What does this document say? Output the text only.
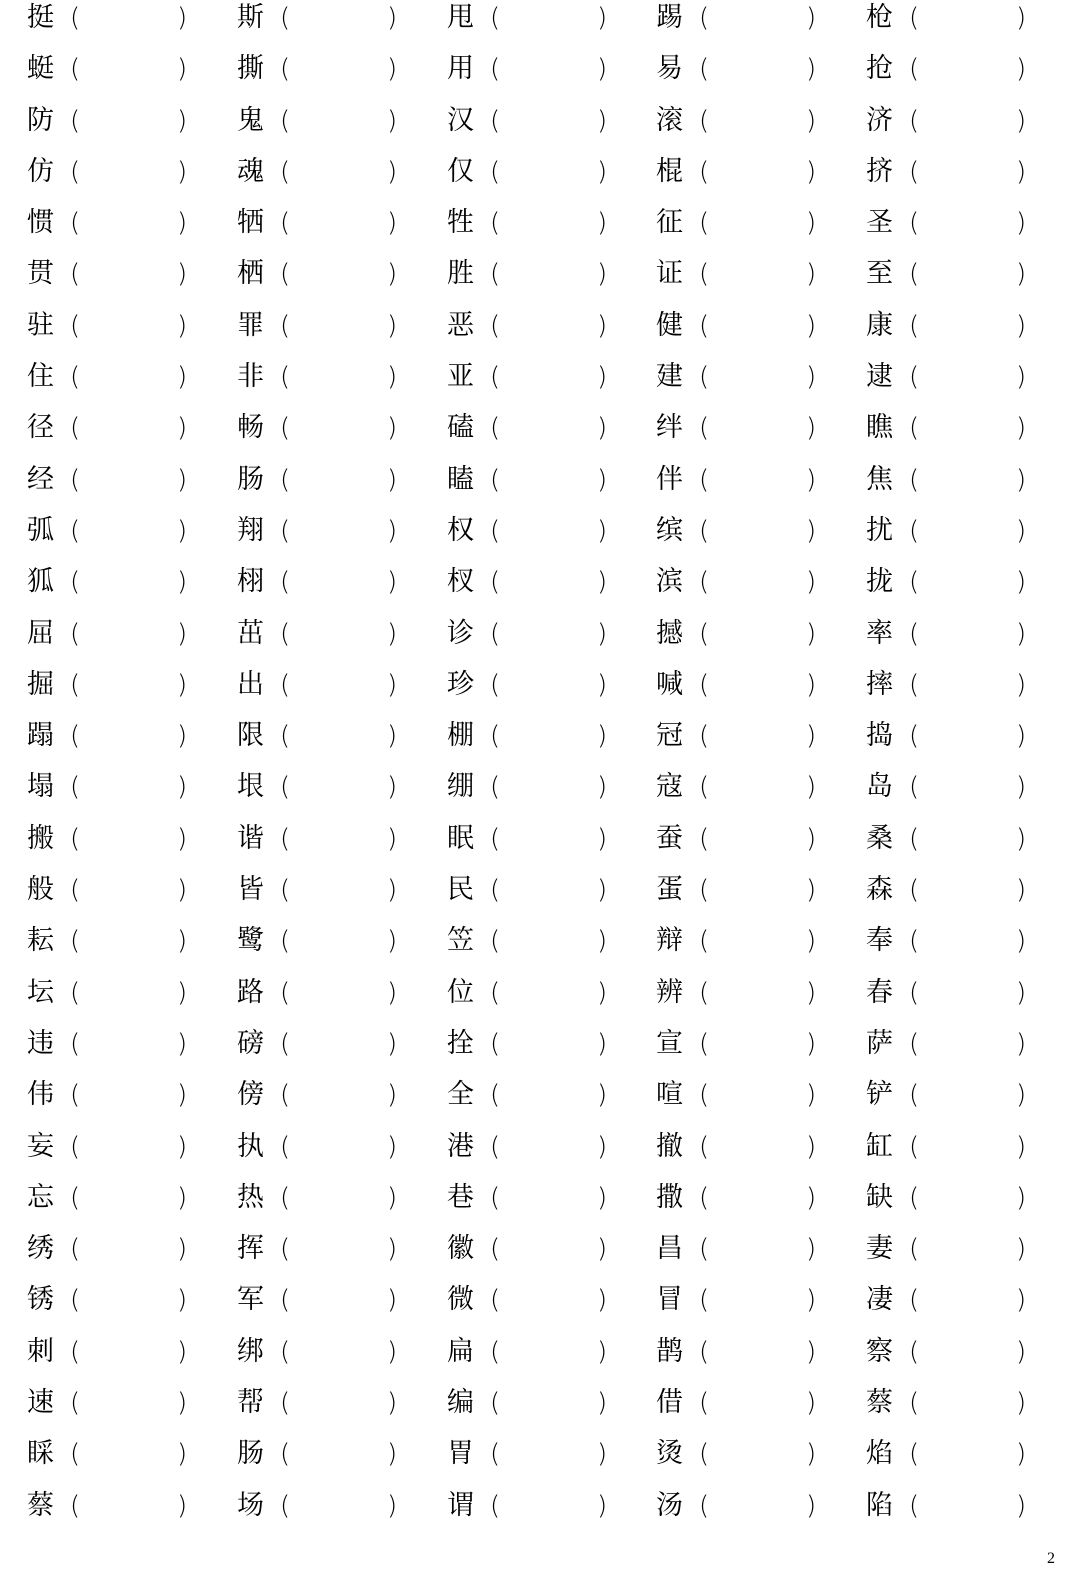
挺 (	) 斯 (	) 甩 (	) 踢 (	) 枪 (	)
蜓 (	) 撕 (	) 用 (	) 易 (	) 抢 (	)
防 (	) 鬼 (	) 汉 (	) 滚 (	) 济 (	)
仿 (	) 魂 (	) 仅 (	) 棍 (	) 挤 (	)
惯 (	) 牺 (	) 牲 (	) 征 (	) 圣 (	)
贯 (	) 栖 (	) 胜 (	) 证 (	) 至 (	)
驻 (	) 罪 (	) 恶 (	) 健 (	) 康 (	)
住 (	) 非 (	) 亚 (	) 建 (	) 逮 (	)
径 (	) 畅 (	) 磕 (	) 绊 (	) 瞧 (	)
经 (	) 肠 (	) 瞌 (	) 伴 (	) 焦 (	)
弧 (	) 翔 (	) 权 (	) 缤 (	) 扰 (	)
狐 (	) 栩 (	) 杈 (	) 滨 (	) 拢 (	)
屈 (	) 茁 (	) 诊 (	) 撼 (	) 率 (	)
掘 (	) 出 (	) 珍 (	) 喊 (	) 摔 (	)
蹋 (	) 限 (	) 棚 (	) 冠 (	) 捣 (	)
塌 (	) 垠 (	) 绷 (	) 寇 (	) 岛 (	)
搬 (	) 谐 (	) 眠 (	) 蚕 (	) 桑 (	)
般 (	) 皆 (	) 民 (	) 蛋 (	) 森 (	)
耘 (	) 鹭 (	) 笠 (	) 辩 (	) 奉 (	)
坛 (	) 路 (	) 位 (	) 辨 (	) 春 (	)
违 (	) 磅 (	) 拴 (	) 宣 (	) 萨 (	)
伟 (	) 傍 (	) 全 (	) 喧 (	) 铲 (	)
妄 (	) 执 (	) 港 (	) 撤 (	) 缸 (	)
忘 (	) 热 (	) 巷 (	) 撒 (	) 缺 (	)
绣 (	) 挥 (	) 徽 (	) 昌 (	) 妻 (	)
锈 (	) 军 (	) 微 (	) 冒 (	) 凄 (	)
刺 (	) 绑 (	) 扁 (	) 鹊 (	) 察 (	)
速 (	) 帮 (	) 编 (	) 借 (	) 蔡 (	)
睬 (	) 肠 (	) 胃 (	) 烫 (	) 焰 (	)
蔡 (	) 场 (	) 谓 (	) 汤 (	) 陷 (	)
2
